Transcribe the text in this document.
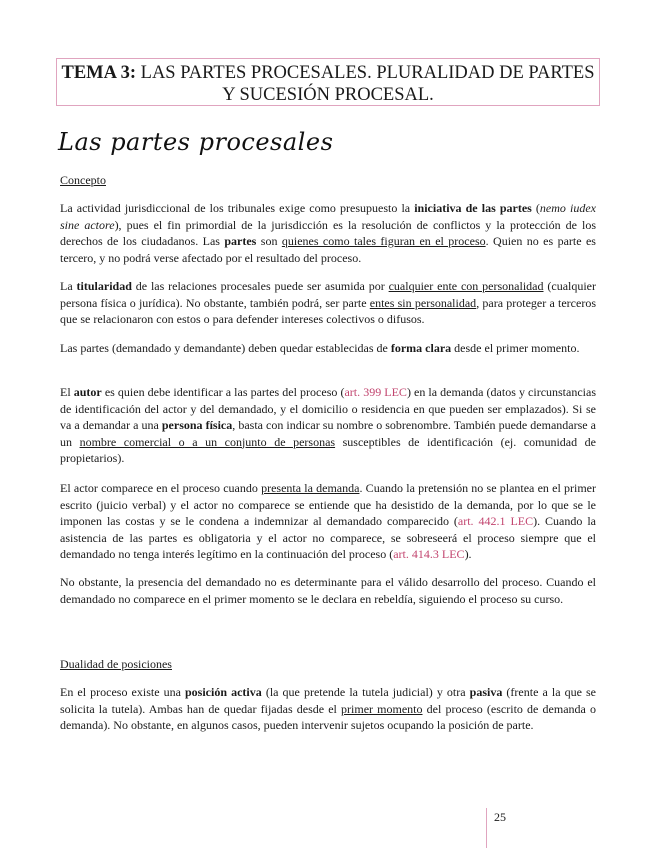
TEMA 3: LAS PARTES PROCESALES. PLURALIDAD DE PARTES Y SUCESIÓN PROCESAL.
Las partes procesales
Concepto
La actividad jurisdiccional de los tribunales exige como presupuesto la iniciativa de las partes (nemo iudex sine actore), pues el fin primordial de la jurisdicción es la resolución de conflictos y la protección de los derechos de los ciudadanos. Las partes son quienes como tales figuran en el proceso. Quien no es parte es tercero, y no podrá verse afectado por el resultado del proceso.
La titularidad de las relaciones procesales puede ser asumida por cualquier ente con personalidad (cualquier persona física o jurídica). No obstante, también podrá, ser parte entes sin personalidad, para proteger a terceros que se relacionaron con estos o para defender intereses colectivos o difusos.
Las partes (demandado y demandante) deben quedar establecidas de forma clara desde el primer momento.
El autor es quien debe identificar a las partes del proceso (art. 399 LEC) en la demanda (datos y circunstancias de identificación del actor y del demandado, y el domicilio o residencia en que pueden ser emplazados). Si se va a demandar a una persona física, basta con indicar su nombre o sobrenombre. También puede demandarse a un nombre comercial o a un conjunto de personas susceptibles de identificación (ej. comunidad de propietarios).
El actor comparece en el proceso cuando presenta la demanda. Cuando la pretensión no se plantea en el primer escrito (juicio verbal) y el actor no comparece se entiende que ha desistido de la demanda, por lo que se le imponen las costas y se le condena a indemnizar al demandado comparecido (art. 442.1 LEC). Cuando la asistencia de las partes es obligatoria y el actor no comparece, se sobreseerá el proceso siempre que el demandado no tenga interés legítimo en la continuación del proceso (art. 414.3 LEC).
No obstante, la presencia del demandado no es determinante para el válido desarrollo del proceso. Cuando el demandado no comparece en el primer momento se le declara en rebeldía, siguiendo el proceso su curso.
Dualidad de posiciones
En el proceso existe una posición activa (la que pretende la tutela judicial) y otra pasiva (frente a la que se solicita la tutela). Ambas han de quedar fijadas desde el primer momento del proceso (escrito de demanda o demanda). No obstante, en algunos casos, pueden intervenir sujetos ocupando la posición de parte.
25
